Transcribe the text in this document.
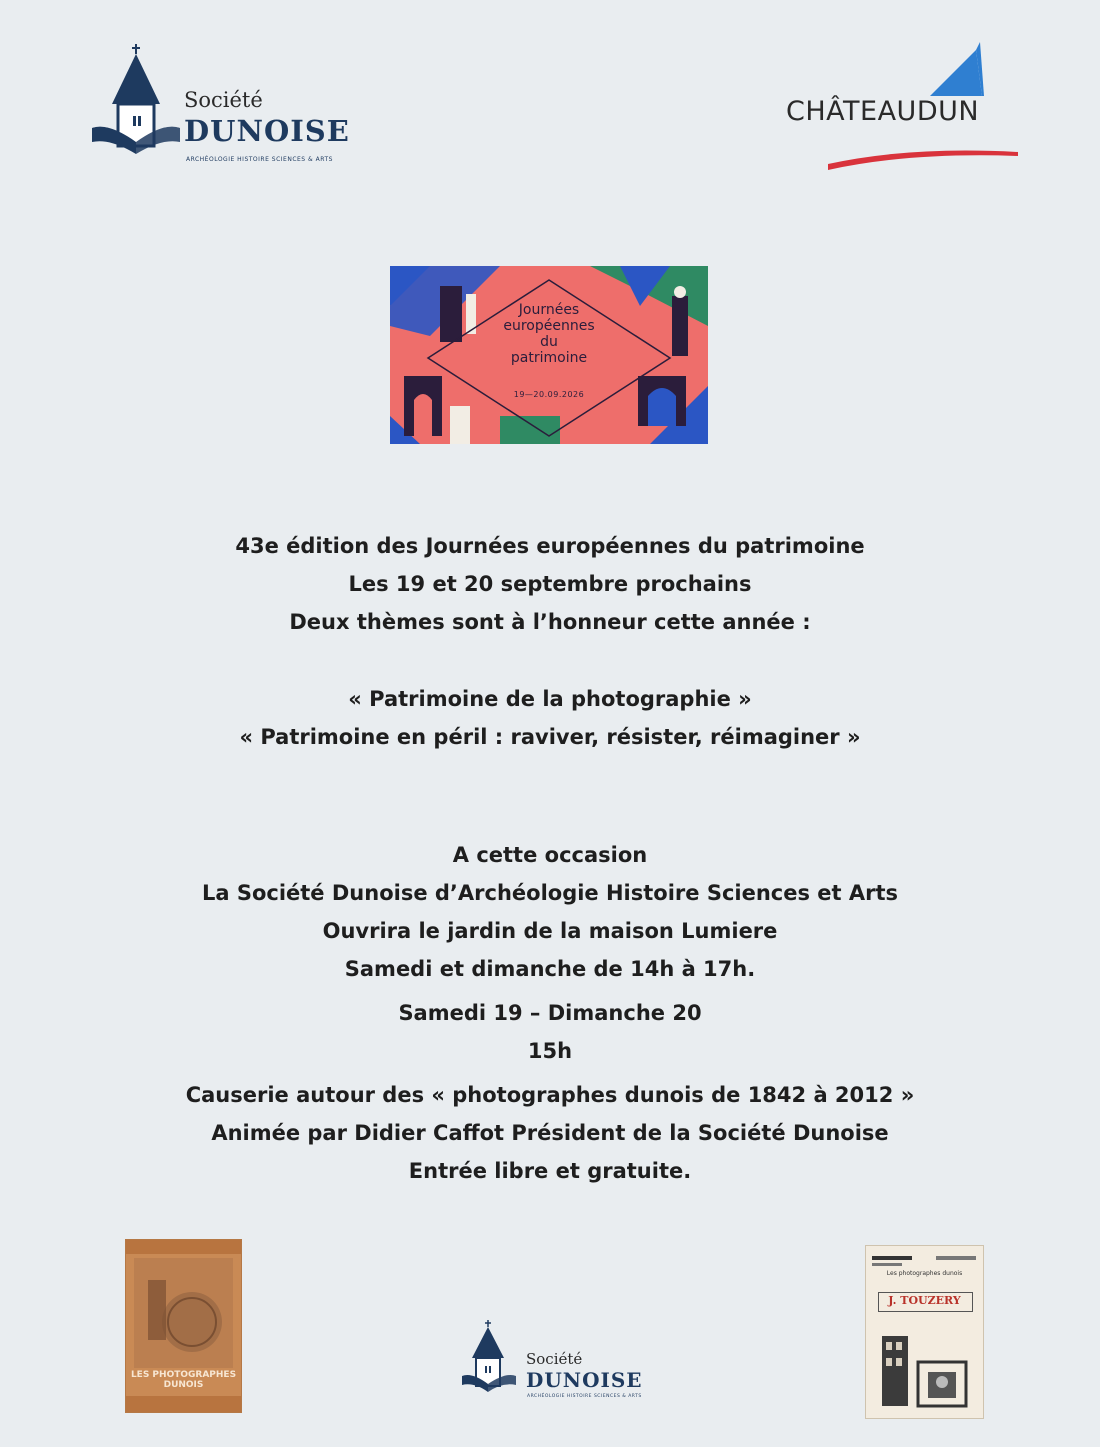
Société
DUNOISE
ARCHÉOLOGIE HISTOIRE SCIENCES & ARTS
CHÂTEAUDUN
Journées
européennes
du
patrimoine
19—20.09.2026
43e édition des Journées européennes du patrimoine
Les 19 et 20 septembre prochains
Deux thèmes sont à l’honneur cette année :
« Patrimoine de la photographie »
« Patrimoine en péril : raviver, résister, réimaginer »
A cette occasion
La Société Dunoise d’Archéologie Histoire Sciences et Arts
Ouvrira le jardin de la maison Lumiere
Samedi et dimanche de 14h à 17h.
Samedi 19 – Dimanche 20
15h
Causerie autour des « photographes dunois de 1842 à 2012 »
Animée par Didier Caffot Président de la Société Dunoise
Entrée libre et gratuite.
LES PHOTOGRAPHES DUNOIS
Les photographes dunois
J. TOUZERY
Société
DUNOISE
ARCHÉOLOGIE HISTOIRE SCIENCES & ARTS
